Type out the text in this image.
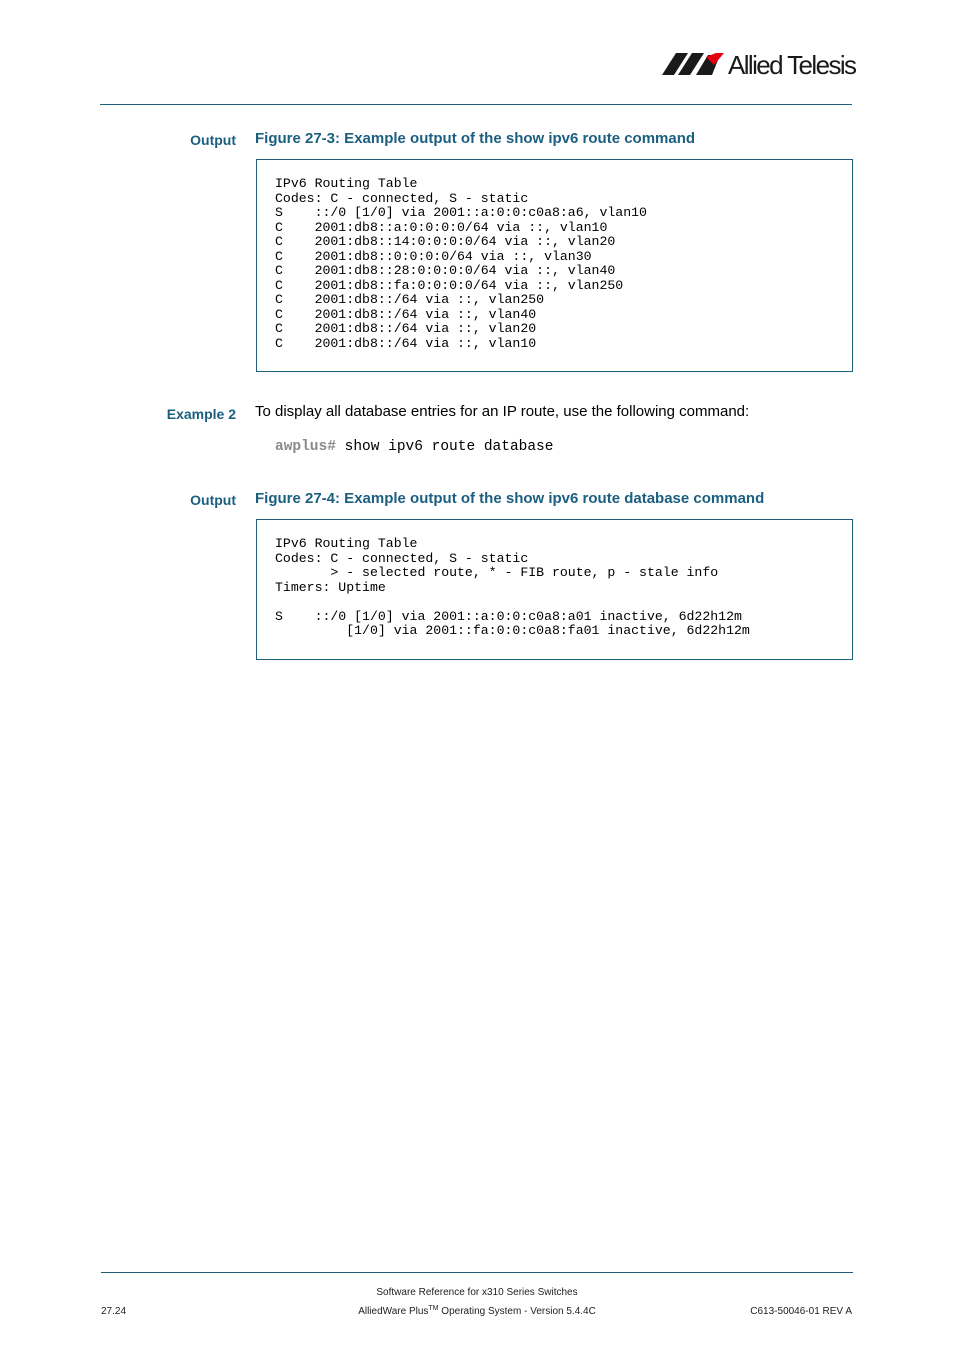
Allied Telesis
Output Figure 27-3: Example output of the show ipv6 route command
IPv6 Routing Table
Codes: C - connected, S - static
S    ::/0 [1/0] via 2001::a:0:0:c0a8:a6, vlan10
C    2001:db8::a:0:0:0:0/64 via ::, vlan10
C    2001:db8::14:0:0:0:0/64 via ::, vlan20
C    2001:db8::0:0:0:0/64 via ::, vlan30
C    2001:db8::28:0:0:0:0/64 via ::, vlan40
C    2001:db8::fa:0:0:0:0/64 via ::, vlan250
C    2001:db8::/64 via ::, vlan250
C    2001:db8::/64 via ::, vlan40
C    2001:db8::/64 via ::, vlan20
C    2001:db8::/64 via ::, vlan10
Example 2 To display all database entries for an IP route, use the following command:
awplus# show ipv6 route database
Output Figure 27-4: Example output of the show ipv6 route database command
IPv6 Routing Table
Codes: C - connected, S - static
> - selected route, * - FIB route, p - stale info
Timers: Uptime
S    ::/0 [1/0] via 2001::a:0:0:c0a8:a01 inactive, 6d22h12m
[1/0] via 2001::fa:0:0:c0a8:fa01 inactive, 6d22h12m
Software Reference for x310 Series Switches
AlliedWare Plus™ Operating System - Version 5.4.4C
27.24	C613-50046-01 REV A
